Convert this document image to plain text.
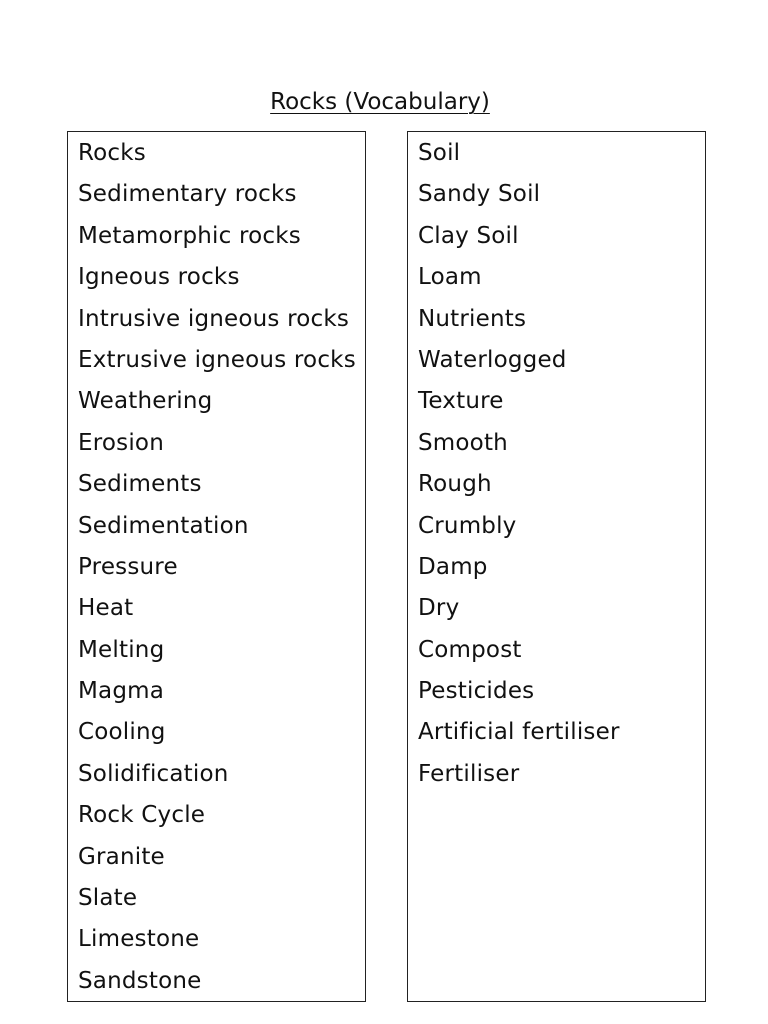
Rocks (Vocabulary)
Rocks
Sedimentary rocks
Metamorphic rocks
Igneous rocks
Intrusive igneous rocks
Extrusive igneous rocks
Weathering
Erosion
Sediments
Sedimentation
Pressure
Heat
Melting
Magma
Cooling
Solidification
Rock Cycle
Granite
Slate
Limestone
Sandstone
Soil
Sandy Soil
Clay Soil
Loam
Nutrients
Waterlogged
Texture
Smooth
Rough
Crumbly
Damp
Dry
Compost
Pesticides
Artificial fertiliser
Fertiliser
